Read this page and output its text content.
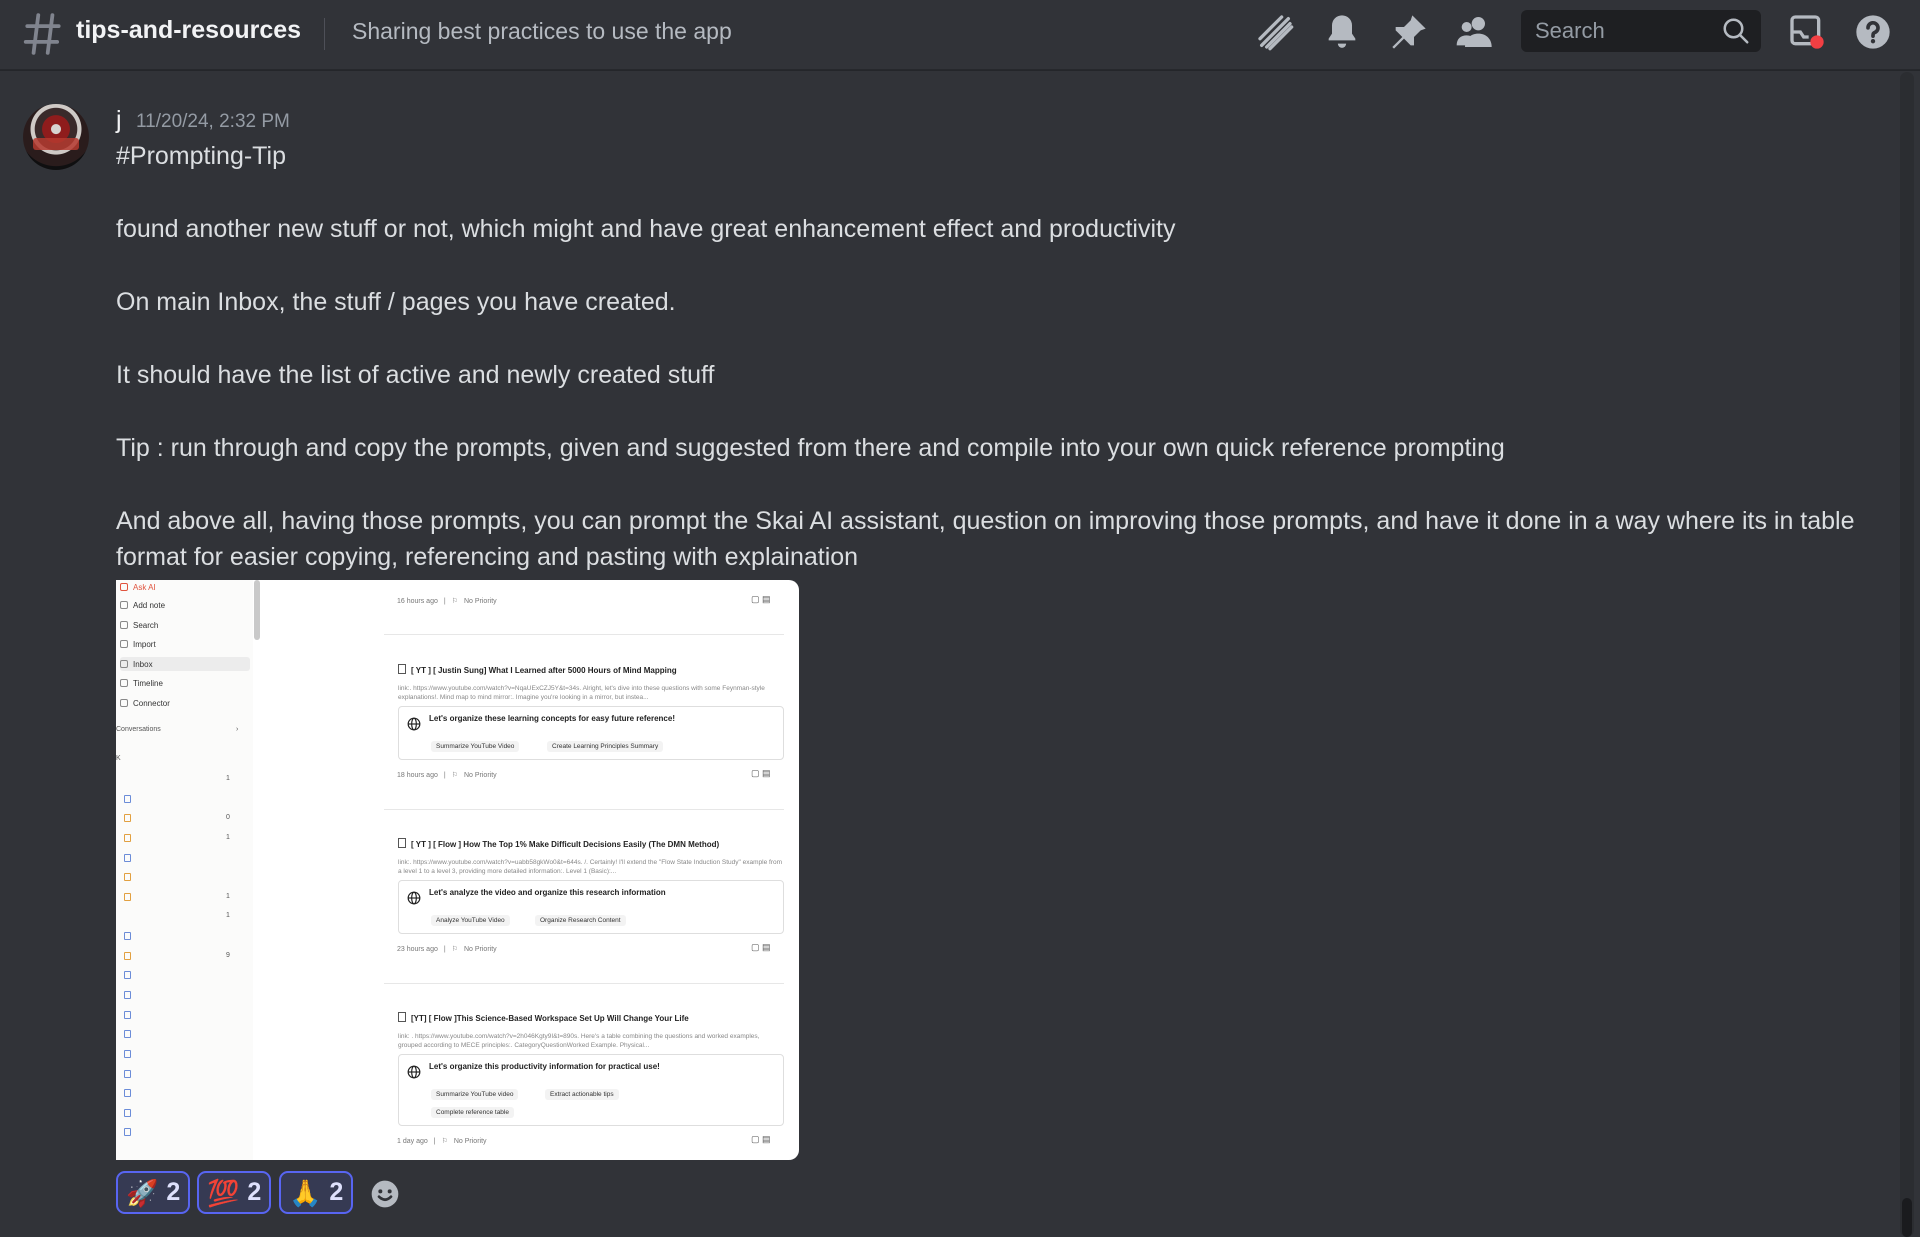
tips-and-resources Sharing best practices to use the app
Search
j 11/20/24, 2:32 PM
#Prompting-Tip
found another new stuff or not, which might and have great enhancement effect and productivity
On main Inbox, the stuff / pages you have created.
It should have the list of active and newly created stuff
Tip : run through and copy the prompts, given and suggested from there and compile into your own quick reference prompting
And above all, having those prompts, you can prompt the Skai AI assistant, question on improving those prompts, and have it done in a way where its in table format for easier copying, referencing and pasting with explaination
Ask AI
Add note
Search
Import
Inbox
Timeline
Connector
Conversations	›
K
1
0
1
1
1
9
16 hours ago | ⚐ No Priority	▢ ▤
[ YT ] [ Justin Sung] What I Learned after 5000 Hours of Mind Mapping
link:. https://www.youtube.com/watch?v=NqaUExCZJ5Y&t=34s. Alright, let's dive into these questions with some Feynman-style explanations!. Mind map to mind mirror:. Imagine you're looking in a mirror, but instea...
Let's organize these learning concepts for easy future reference!
Summarize YouTube Video	Create Learning Principles Summary
18 hours ago | ⚐ No Priority	▢ ▤
[ YT ] [ Flow ] How The Top 1% Make Difficult Decisions Easily (The DMN Method)
link:. https://www.youtube.com/watch?v=uabb58gkWo0&t=644s. /. Certainly! I'll extend the "Flow State Induction Study" example from a level 1 to a level 3, providing more detailed information:. Level 1 (Basic):...
Let's analyze the video and organize this research information
Analyze YouTube Video	Organize Research Content
23 hours ago | ⚐ No Priority	▢ ▤
[YT] [ Flow ]This Science-Based Workspace Set Up Will Change Your Life
link: . https://www.youtube.com/watch?v=2h046Kgty9I&t=890s. Here's a table combining the questions and worked examples, grouped according to MECE principles:. CategoryQuestionWorked Example. Physical...
Let's organize this productivity information for practical use!
Summarize YouTube video	Extract actionable tips
Complete reference table
1 day ago | ⚐ No Priority	▢ ▤
🚀 2 💯 2 🙏 2
